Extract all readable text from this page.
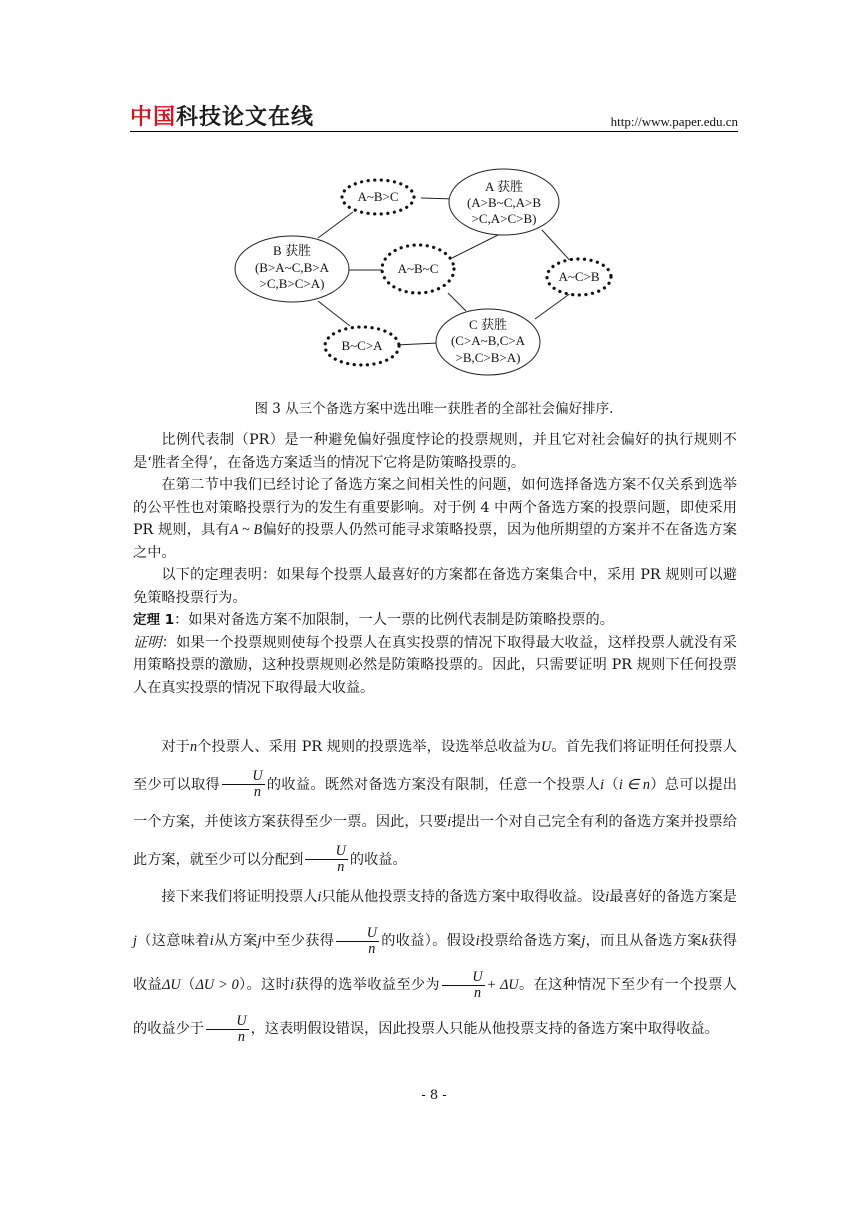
中国科技论文在线	http://www.paper.edu.cn
A 获胜
(A>B~C,A>B
>C,A>C>B)
B 获胜
(B>A~C,B>A
>C,B>C>A)
C 获胜
(C>A~B,C>A
>B,C>B>A)
A~B>C
A~B~C
A~C>B
B~C>A
图 3 从三个备选方案中选出唯一获胜者的全部社会偏好排序.

比例代表制（PR）是一种避免偏好强度悖论的投票规则，并且它对社会偏好的执行规则不是‘胜者全得’，在备选方案适当的情况下它将是防策略投票的。

在第二节中我们已经讨论了备选方案之间相关性的问题，如何选择备选方案不仅关系到选举的公平性也对策略投票行为的发生有重要影响。对于例 4 中两个备选方案的投票问题，即使采用 PR 规则，具有A ~ B偏好的投票人仍然可能寻求策略投票，因为他所期望的方案并不在备选方案之中。

以下的定理表明：如果每个投票人最喜好的方案都在备选方案集合中，采用 PR 规则可以避免策略投票行为。

定理 1：如果对备选方案不加限制，一人一票的比例代表制是防策略投票的。

证明：如果一个投票规则使每个投票人在真实投票的情况下取得最大收益，这样投票人就没有采用策略投票的激励，这种投票规则必然是防策略投票的。因此，只需要证明 PR 规则下任何投票人在真实投票的情况下取得最大收益。

对于n个投票人、采用 PR 规则的投票选举，设选举总收益为U。首先我们将证明任何投票人至少可以取得 $\frac{U}{n}$ 的收益。既然对备选方案没有限制，任意一个投票人i（i ∈ n）总可以提出一个方案，并使该方案获得至少一票。因此，只要i提出一个对自己完全有利的备选方案并投票给此方案，就至少可以分配到 $\frac{U}{n}$ 的收益。

接下来我们将证明投票人i只能从他投票支持的备选方案中取得收益。设i最喜好的备选方案是j（这意味着i从方案j中至少获得 $\frac{U}{n}$ 的收益）。假设i投票给备选方案j，而且从备选方案k获得收益ΔU（ΔU > 0）。这时i获得的选举收益至少为 $\frac{U}{n} + \Delta U$。在这种情况下至少有一个投票人的收益少于 $\frac{U}{n}$ ，这表明假设错误，因此投票人只能从他投票支持的备选方案中取得收益。

- 8 -
